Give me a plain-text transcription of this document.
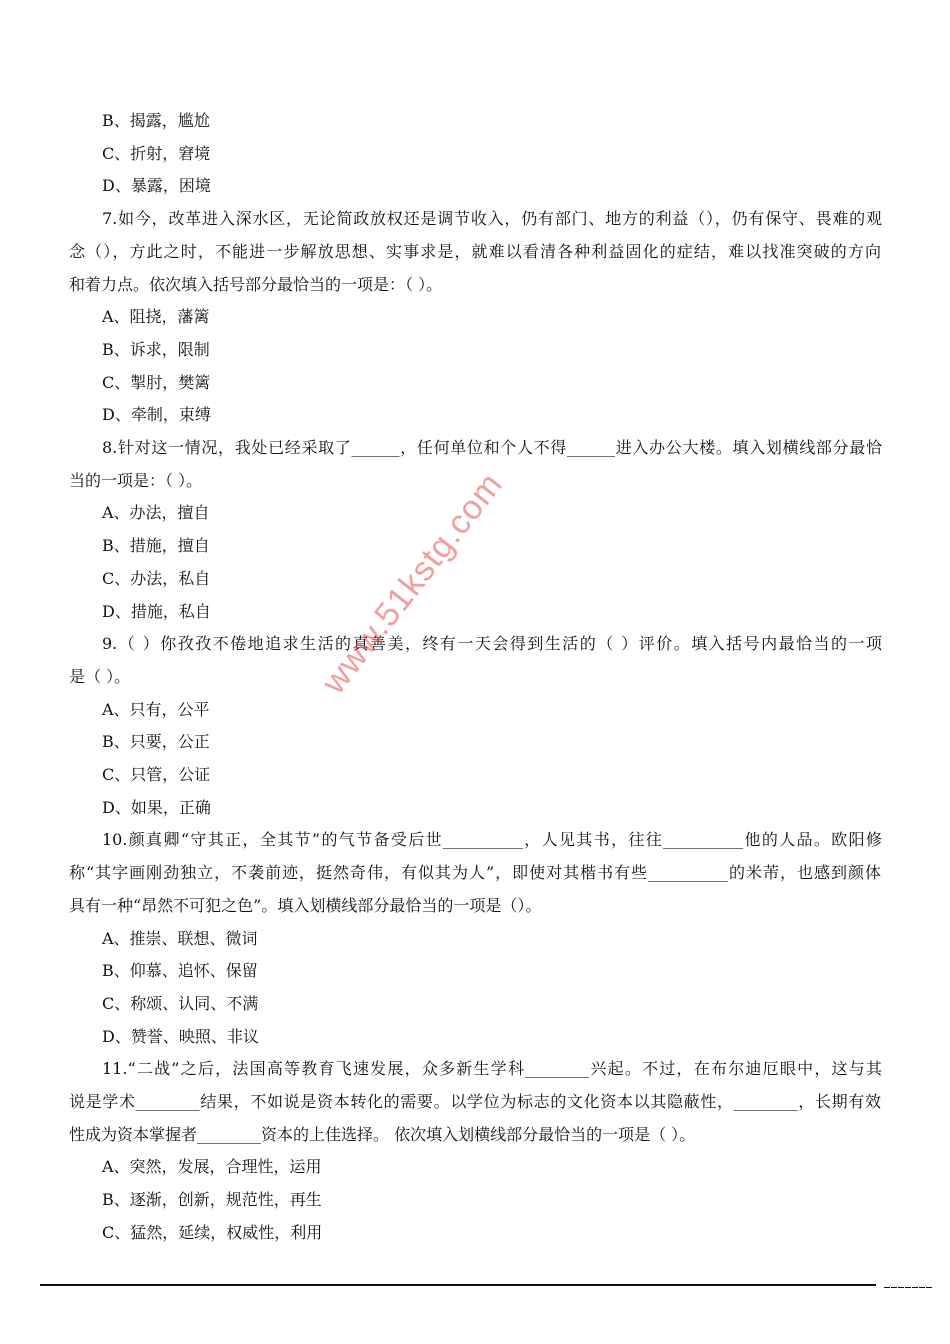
B、揭露，尴尬
C、折射，窘境
D、暴露，困境
7.如今，改革进入深水区，无论简政放权还是调节收入，仍有部门、地方的利益（），仍有保守、畏难的观
念（），方此之时，不能进一步解放思想、实事求是，就难以看清各种利益固化的症结，难以找准突破的方向
和着力点。依次填入括号部分最恰当的一项是：（ ）。
A、阻挠，藩篱
B、诉求，限制
C、掣肘，樊篱
D、牵制，束缚
8.针对这一情况，我处已经采取了______，任何单位和个人不得______进入办公大楼。填入划横线部分最恰
当的一项是：（ ）。
A、办法，擅自
B、措施，擅自
C、办法，私自
D、措施，私自
9.（ ）你孜孜不倦地追求生活的真善美，终有一天会得到生活的（ ）评价。填入括号内最恰当的一项
是（ ）。
A、只有，公平
B、只要，公正
C、只管，公证
D、如果，正确
10.颜真卿“守其正，全其节”的气节备受后世__________，人见其书，往往__________他的人品。欧阳修
称“其字画刚劲独立，不袭前迹，挺然奇伟，有似其为人”，即使对其楷书有些__________的米芾，也感到颜体
具有一种“昂然不可犯之色”。填入划横线部分最恰当的一项是（）。
A、推崇、联想、微词
B、仰慕、追怀、保留
C、称颂、认同、不满
D、赞誉、映照、非议
11.“二战”之后，法国高等教育飞速发展，众多新生学科________兴起。不过，在布尔迪厄眼中，这与其
说是学术________结果，不如说是资本转化的需要。以学位为标志的文化资本以其隐蔽性，________，长期有效
性成为资本掌握者________资本的上佳选择。 依次填入划横线部分最恰当的一项是（ ）。
A、突然，发展，合理性，运用
B、逐渐，创新，规范性，再生
C、猛然，延续，权威性，利用
www.51kstg.com
